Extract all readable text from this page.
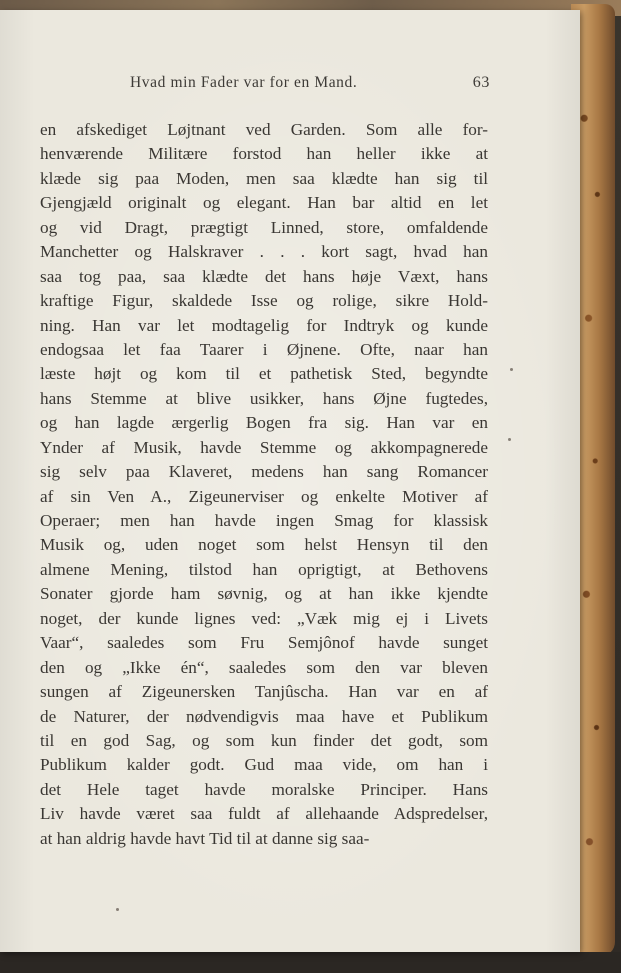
Hvad min Fader var for en Mand.	63
en afskediget Løjtnant ved Garden. Som alle for-
henværende Militære forstod han heller ikke at
klæde sig paa Moden, men saa klædte han sig til
Gjengjæld originalt og elegant. Han bar altid en let
og vid Dragt, prægtigt Linned, store, omfaldende
Manchetter og Halskraver . . . kort sagt, hvad han
saa tog paa, saa klædte det hans høje Væxt, hans
kraftige Figur, skaldede Isse og rolige, sikre Hold-
ning. Han var let modtagelig for Indtryk og kunde
endogsaa let faa Taarer i Øjnene. Ofte, naar han
læste højt og kom til et pathetisk Sted, begyndte
hans Stemme at blive usikker, hans Øjne fugtedes,
og han lagde ærgerlig Bogen fra sig. Han var en
Ynder af Musik, havde Stemme og akkompagnerede
sig selv paa Klaveret, medens han sang Romancer
af sin Ven A., Zigeunerviser og enkelte Motiver af
Operaer; men han havde ingen Smag for klassisk
Musik og, uden noget som helst Hensyn til den
almene Mening, tilstod han oprigtigt, at Bethovens
Sonater gjorde ham søvnig, og at han ikke kjendte
noget, der kunde lignes ved: „Væk mig ej i Livets
Vaar“, saaledes som Fru Semjônof havde sunget
den og „Ikke én“, saaledes som den var bleven
sungen af Zigeunersken Tanjûscha. Han var en af
de Naturer, der nødvendigvis maa have et Publikum
til en god Sag, og som kun finder det godt, som
Publikum kalder godt. Gud maa vide, om han i
det Hele taget havde moralske Principer. Hans
Liv havde været saa fuldt af allehaande Adspredelser,
at han aldrig havde havt Tid til at danne sig saa-
